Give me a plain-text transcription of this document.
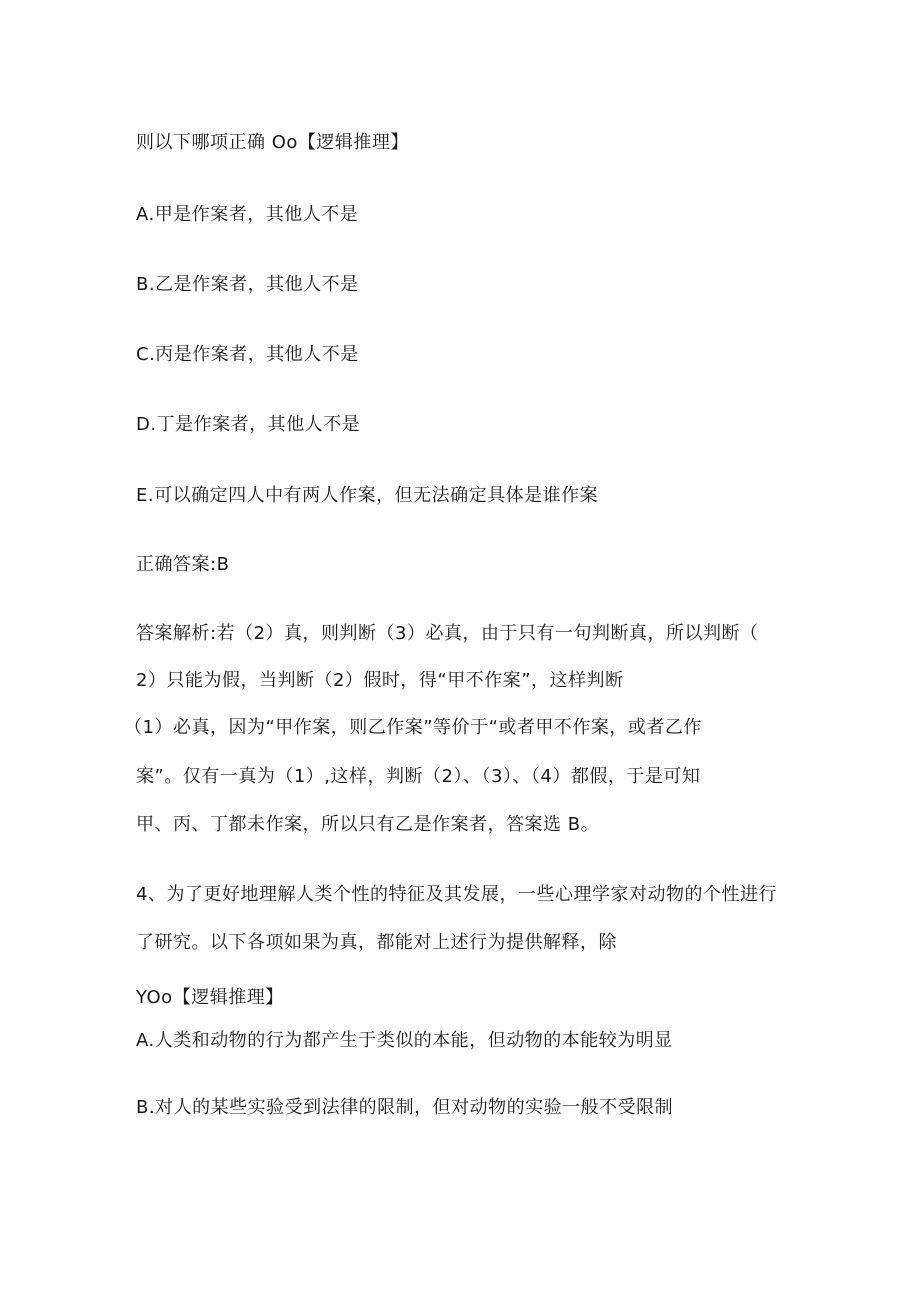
则以下哪项正确 Oo【逻辑推理】
A.甲是作案者，其他人不是
B.乙是作案者，其他人不是
C.丙是作案者，其他人不是
D.丁是作案者，其他人不是
E.可以确定四人中有两人作案，但无法确定具体是谁作案
正确答案:B
答案解析:若（2）真，则判断（3）必真，由于只有一句判断真，所以判断（
2）只能为假，当判断（2）假时，得“甲不作案”，这样判断
（1）必真，因为“甲作案，则乙作案”等价于“或者甲不作案，或者乙作
案”。仅有一真为（1）,这样，判断（2）、（3）、（4）都假，于是可知
甲、丙、丁都未作案，所以只有乙是作案者，答案选 B。
4、为了更好地理解人类个性的特征及其发展，一些心理学家对动物的个性进行
了研究。以下各项如果为真，都能对上述行为提供解释，除
YOo【逻辑推理】
A.人类和动物的行为都产生于类似的本能，但动物的本能较为明显
B.对人的某些实验受到法律的限制，但对动物的实验一般不受限制
